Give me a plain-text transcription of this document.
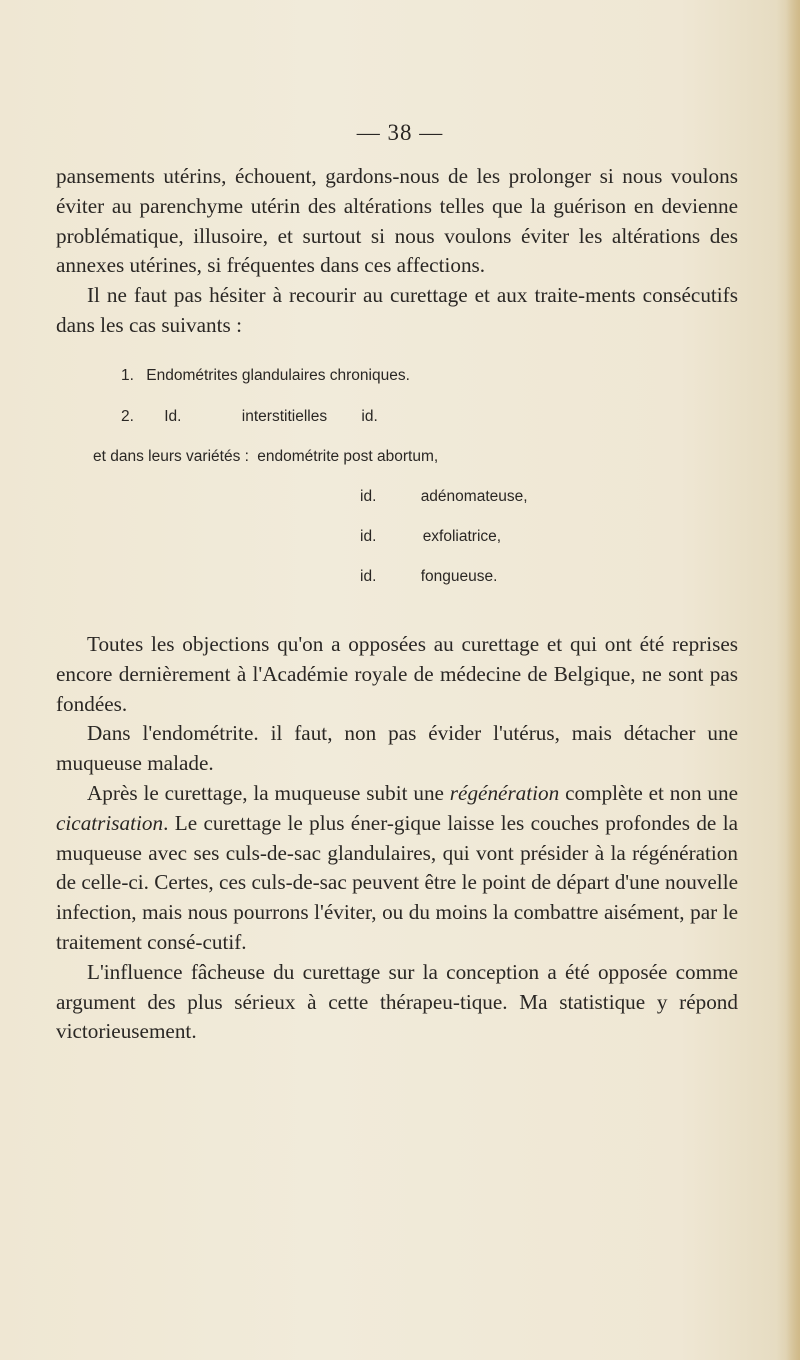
— 38 —

pansements utérins, échouent, gardons-nous de les prolonger si nous voulons éviter au parenchyme utérin des altérations telles que la guérison en devienne problématique, illusoire, et surtout si nous voulons éviter les altérations des annexes utérines, si fréquentes dans ces affections.

Il ne faut pas hésiter à recourir au curettage et aux traite-ments consécutifs dans les cas suivants :

1. Endométrites glandulaires chroniques.
2. Id.	interstitielles id.
et dans leurs variétés : endométrite post abortum,
id.	adénomateuse,
id.	exfoliatrice,
id.	fongueuse.

Toutes les objections qu'on a opposées au curettage et qui ont été reprises encore dernièrement à l'Académie royale de médecine de Belgique, ne sont pas fondées.

Dans l'endométrite. il faut, non pas évider l'utérus, mais détacher une muqueuse malade.

Après le curettage, la muqueuse subit une régénération complète et non une cicatrisation. Le curettage le plus éner-gique laisse les couches profondes de la muqueuse avec ses culs-de-sac glandulaires, qui vont présider à la régénération de celle-ci. Certes, ces culs-de-sac peuvent être le point de départ d'une nouvelle infection, mais nous pourrons l'éviter, ou du moins la combattre aisément, par le traitement consé-cutif.

L'influence fâcheuse du curettage sur la conception a été opposée comme argument des plus sérieux à cette thérapeu-tique. Ma statistique y répond victorieusement.
